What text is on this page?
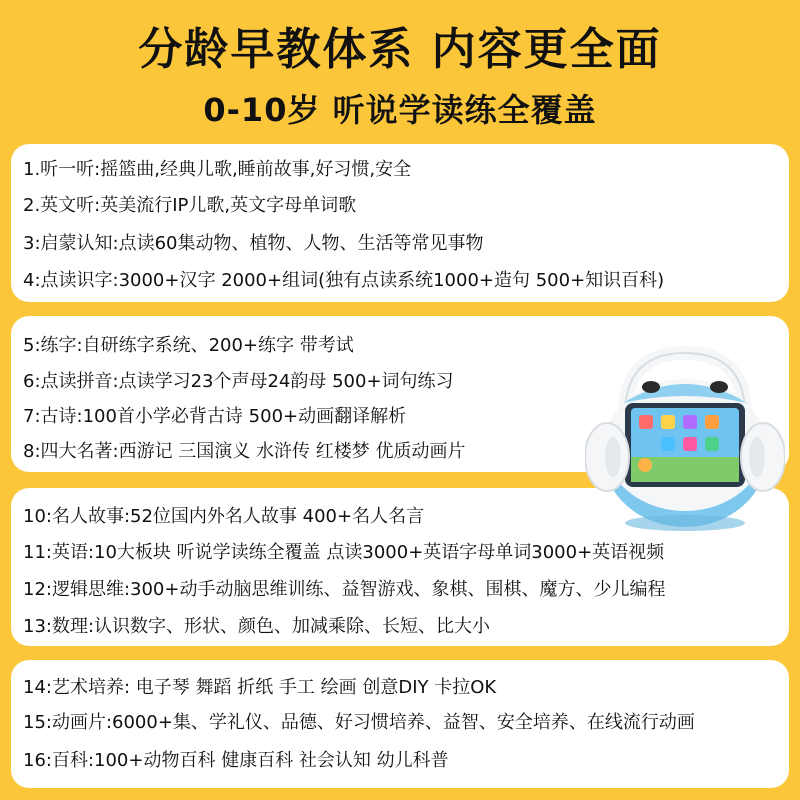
分龄早教体系 内容更全面
0-10岁 听说学读练全覆盖
1.听一听:摇篮曲,经典儿歌,睡前故事,好习惯,安全
2.英文听:英美流行IP儿歌,英文字母单词歌
3:启蒙认知:点读60集动物、植物、人物、生活等常见事物
4:点读识字:3000+汉字 2000+组词(独有点读系统1000+造句 500+知识百科)
5:练字:自研练字系统、200+练字 带考试
6:点读拼音:点读学习23个声母24韵母 500+词句练习
7:古诗:100首小学必背古诗 500+动画翻译解析
8:四大名著:西游记 三国演义 水浒传 红楼梦 优质动画片
10:名人故事:52位国内外名人故事 400+名人名言
11:英语:10大板块 听说学读练全覆盖 点读3000+英语字母单词3000+英语视频
12:逻辑思维:300+动手动脑思维训练、益智游戏、象棋、围棋、魔方、少儿编程
13:数理:认识数字、形状、颜色、加减乘除、长短、比大小
14:艺术培养: 电子琴 舞蹈 折纸 手工 绘画 创意DIY 卡拉OK
15:动画片:6000+集、学礼仪、品德、好习惯培养、益智、安全培养、在线流行动画
16:百科:100+动物百科 健康百科 社会认知 幼儿科普
